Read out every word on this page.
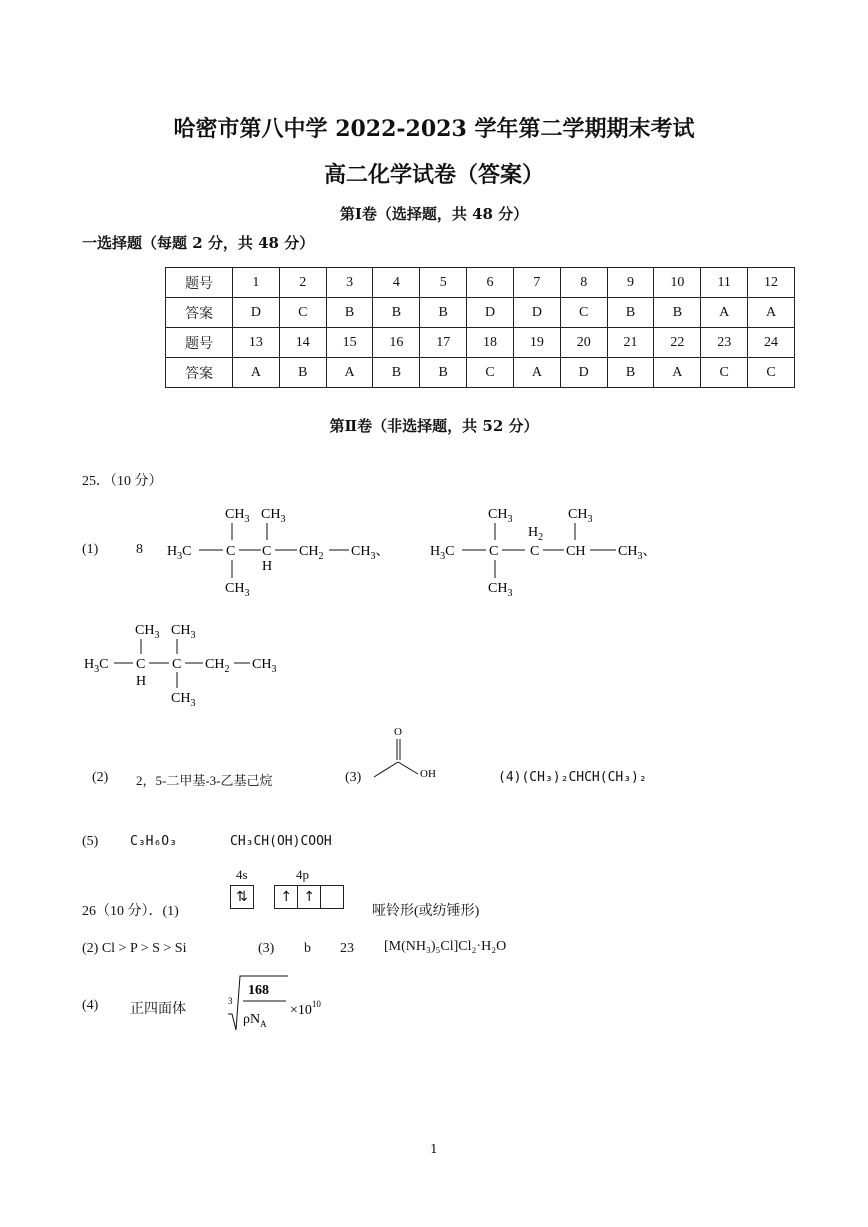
哈密市第八中学 2022-2023 学年第二学期期末考试
高二化学试卷（答案）
第Ⅰ卷（选择题，共 48 分）
一选择题（每题 2 分，共 48 分）
题号	1	2	3	4	5	6	7	8	9	10	11	12
答案	D	C	B	B	B	D	D	C	B	B	A	A
题号	13	14	15	16	17	18	19	20	21	22	23	24
答案	A	B	A	B	B	C	A	D	B	A	C	C
第Ⅱ卷（非选择题，共 52 分）
25．（10 分）
(1)	8
$CH_3$ $CH_3$
$H_3C$ C C
H
$CH_2$ $CH_3$、
$CH_3$
$CH_3$	$CH_3$
$H_3C$ C
$H_2$
C CH $CH_3$、
$CH_3$
$CH_3$ $CH_3$
$H_3C$ C
H
C $CH_2$ $CH_3$
$CH_3$
(2) 2，5-二甲基-3-乙基己烷	(3)
O
OH	(4)(CH₃)₂CHCH(CH₃)₂
(5) C₃H₆O₃	CH₃CH(OH)COOH
4s	4p
26（10 分）．(1)
⇅ ↑ ↑
哑铃形(或纺锤形)
(2) Cl > P > S > Si	(3) b 23 [M(NH₃)₅Cl]Cl₂·H₂O
(4) 正四面体
3
168
$\rho N_A$
$\times 10^{10}$
1
